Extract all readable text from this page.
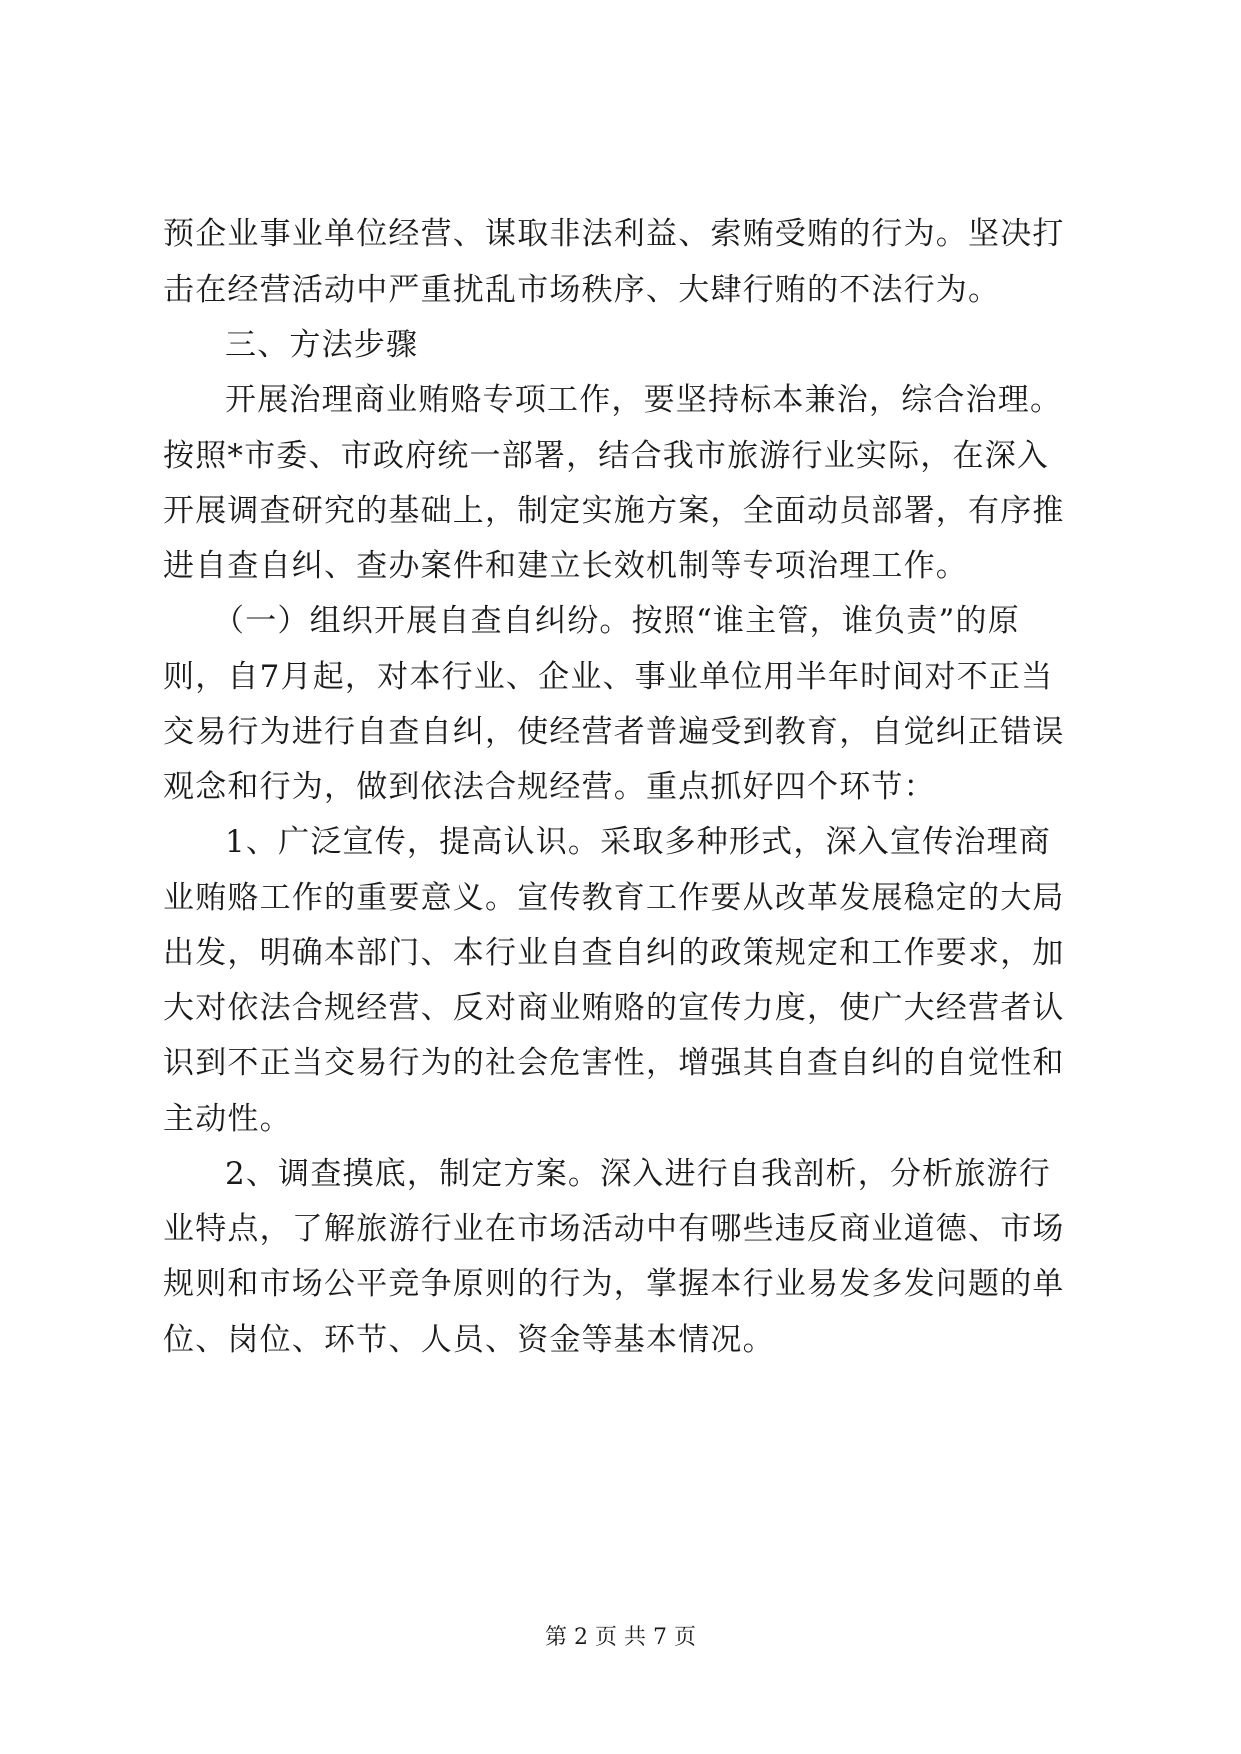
预企业事业单位经营、谋取非法利益、索贿受贿的行为。坚决打
击在经营活动中严重扰乱市场秩序、大肆行贿的不法行为。
三、方法步骤
开展治理商业贿赂专项工作，要坚持标本兼治，综合治理。
按照*市委、市政府统一部署，结合我市旅游行业实际，在深入
开展调查研究的基础上，制定实施方案，全面动员部署，有序推
进自查自纠、查办案件和建立长效机制等专项治理工作。
（一）组织开展自查自纠纷。按照“谁主管，谁负责”的原
则，自7月起，对本行业、企业、事业单位用半年时间对不正当
交易行为进行自查自纠，使经营者普遍受到教育，自觉纠正错误
观念和行为，做到依法合规经营。重点抓好四个环节：
1、广泛宣传，提高认识。采取多种形式，深入宣传治理商
业贿赂工作的重要意义。宣传教育工作要从改革发展稳定的大局
出发，明确本部门、本行业自查自纠的政策规定和工作要求，加
大对依法合规经营、反对商业贿赂的宣传力度，使广大经营者认
识到不正当交易行为的社会危害性，增强其自查自纠的自觉性和
主动性。
2、调查摸底，制定方案。深入进行自我剖析，分析旅游行
业特点，了解旅游行业在市场活动中有哪些违反商业道德、市场
规则和市场公平竞争原则的行为，掌握本行业易发多发问题的单
位、岗位、环节、人员、资金等基本情况。
第 2 页 共 7 页
